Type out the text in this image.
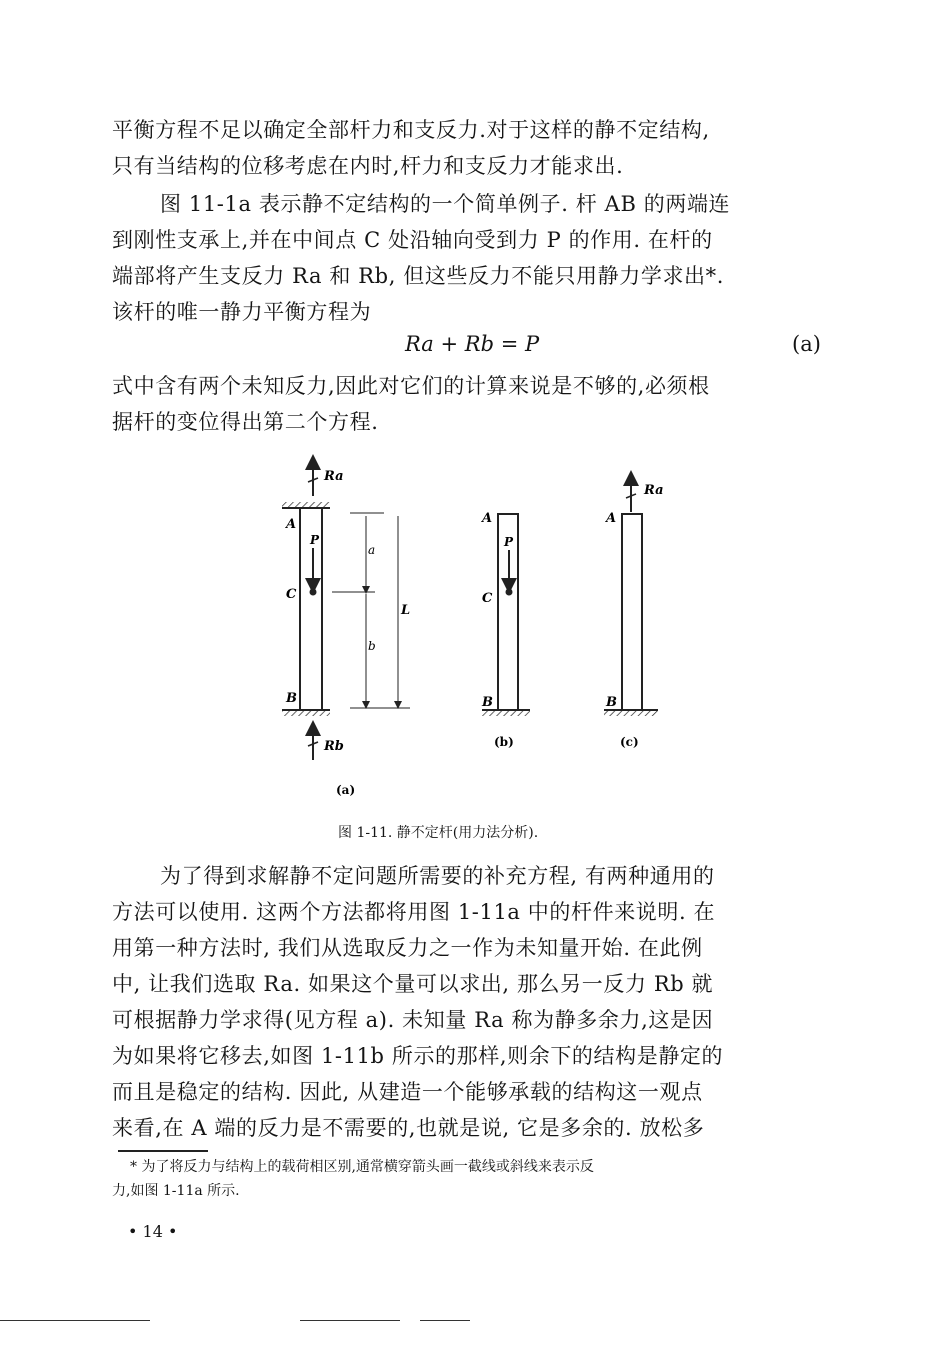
平衡方程不足以确定全部杆力和支反力.对于这样的静不定结构,
只有当结构的位移考虑在内时,杆力和支反力才能求出.
图 11-1a 表示静不定结构的一个简单例子. 杆 AB 的两端连
到刚性支承上,并在中间点 C 处沿轴向受到力 P 的作用. 在杆的
端部将产生支反力 Ra 和 Rb, 但这些反力不能只用静力学求出*.
该杆的唯一静力平衡方程为
Ra + Rb = P	(a)
式中含有两个未知反力,因此对它们的计算来说是不够的,必须根
据杆的变位得出第二个方程.
Ra
A
P
C
B
Rb
a
b
L
(a)
A
P
C
B
(b)
Ra
A
B
(c)
图 1-11. 静不定杆(用力法分析).
为了得到求解静不定问题所需要的补充方程, 有两种通用的
方法可以使用. 这两个方法都将用图 1-11a 中的杆件来说明. 在
用第一种方法时, 我们从选取反力之一作为未知量开始. 在此例
中, 让我们选取 Ra. 如果这个量可以求出, 那么另一反力 Rb 就
可根据静力学求得(见方程 a). 未知量 Ra 称为静多余力,这是因
为如果将它移去,如图 1-11b 所示的那样,则余下的结构是静定的
而且是稳定的结构. 因此, 从建造一个能够承载的结构这一观点
来看,在 A 端的反力是不需要的,也就是说, 它是多余的. 放松多
* 为了将反力与结构上的载荷相区别,通常横穿箭头画一截线或斜线来表示反
力,如图 1-11a 所示.
• 14 •
